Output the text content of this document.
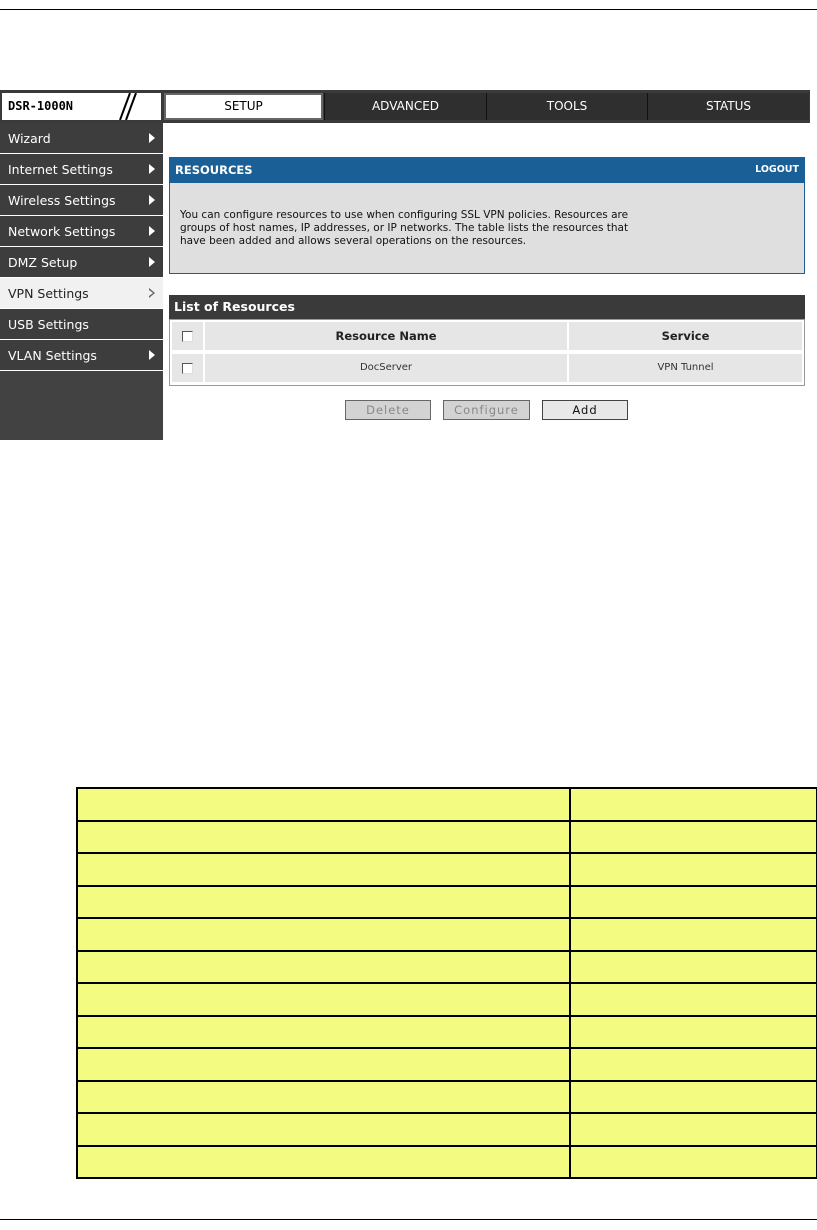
DSR-1000N	SETUP	ADVANCED	TOOLS	STATUS
Wizard
Internet Settings
Wireless Settings
Network Settings
DMZ Setup
VPN Settings
USB Settings
VLAN Settings
RESOURCES	LOGOUT

You can configure resources to use when configuring SSL VPN policies. Resources are groups of host names, IP addresses, or IP networks. The table lists the resources that have been added and allows several operations on the resources.

List of Resources
Resource Name	Service
DocServer	VPN Tunnel
Delete	Configure	Add
